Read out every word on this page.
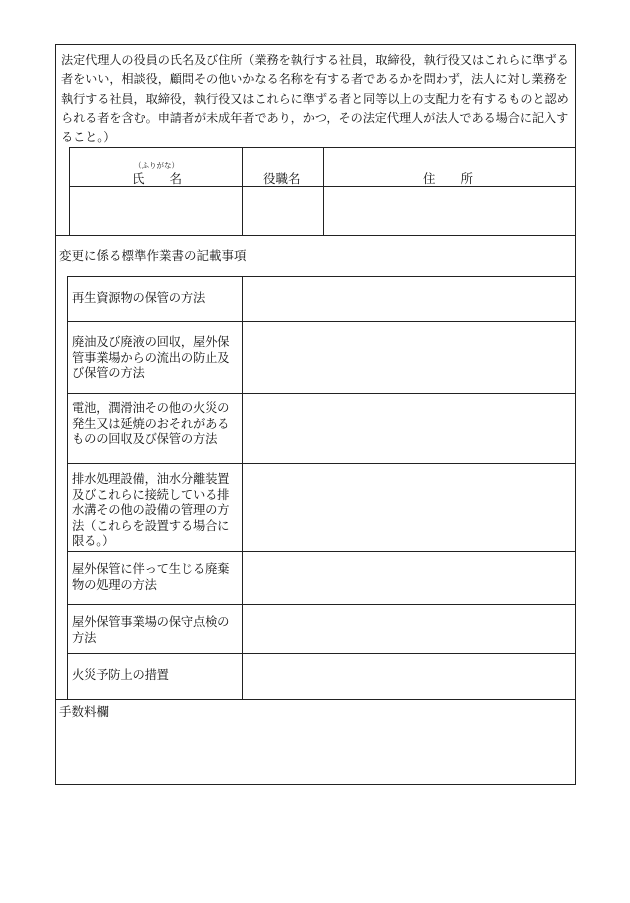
法定代理人の役員の氏名及び住所（業務を執行する社員，取締役，執行役又はこれらに準ずる者をいい，相談役，顧問その他いかなる名称を有する者であるかを問わず，法人に対し業務を執行する社員，取締役，執行役又はこれらに準ずる者と同等以上の支配力を有するものと認められる者を含む。申請者が未成年者であり，かつ，その法定代理人が法人である場合に記入すること。）
（ふりがな）
氏　　名	役職名	住　　所
変更に係る標準作業書の記載事項
再生資源物の保管の方法
廃油及び廃液の回収，屋外保管事業場からの流出の防止及び保管の方法
電池，潤滑油その他の火災の発生又は延焼のおそれがあるものの回収及び保管の方法
排水処理設備，油水分離装置及びこれらに接続している排水溝その他の設備の管理の方法（これらを設置する場合に限る。）
屋外保管に伴って生じる廃棄物の処理の方法
屋外保管事業場の保守点検の方法
火災予防上の措置
手数料欄
